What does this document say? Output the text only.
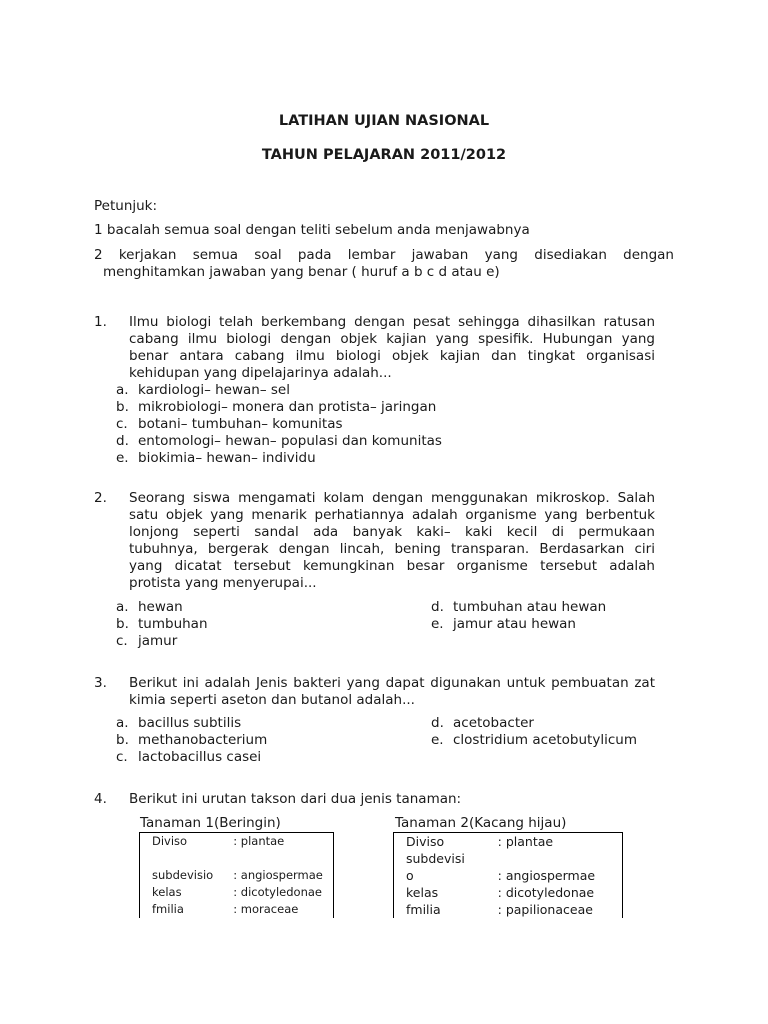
LATIHAN UJIAN NASIONAL
TAHUN PELAJARAN 2011/2012
Petunjuk:
1 bacalah semua soal dengan teliti sebelum anda menjawabnya
2 kerjakan semua soal pada lembar jawaban yang disediakan dengan
menghitamkan jawaban yang benar ( huruf a b c d atau e)
1. Ilmu biologi telah berkembang dengan pesat sehingga dihasilkan ratusan
cabang ilmu biologi dengan objek kajian yang spesifik. Hubungan yang
benar antara cabang ilmu biologi objek kajian dan tingkat organisasi
kehidupan yang dipelajarinya adalah...
a. kardiologi– hewan– sel
b. mikrobiologi– monera dan protista– jaringan
c. botani– tumbuhan– komunitas
d. entomologi– hewan– populasi dan komunitas
e. biokimia– hewan– individu
2. Seorang siswa mengamati kolam dengan menggunakan mikroskop. Salah
satu objek yang menarik perhatiannya adalah organisme yang berbentuk
lonjong seperti sandal ada banyak kaki– kaki kecil di permukaan
tubuhnya, bergerak dengan lincah, bening transparan. Berdasarkan ciri
yang dicatat tersebut kemungkinan besar organisme tersebut adalah
protista yang menyerupai...
a. hewan
b. tumbuhan
c. jamur
d. tumbuhan atau hewan
e. jamur atau hewan
3. Berikut ini adalah Jenis bakteri yang dapat digunakan untuk pembuatan zat
kimia seperti aseton dan butanol adalah...
a. bacillus subtilis
b. methanobacterium
c. lactobacillus casei
d. acetobacter
e. clostridium acetobutylicum
4. Berikut ini urutan takson dari dua jenis tanaman:
Tanaman 1(Beringin)
Diviso	: plantae
subdevisio	: angiospermae
kelas	: dicotyledonae
fmilia	: moraceae
Tanaman 2(Kacang hijau)
Diviso	: plantae
subdevisi	
o	: angiospermae
kelas	: dicotyledonae
fmilia	: papilionaceae
